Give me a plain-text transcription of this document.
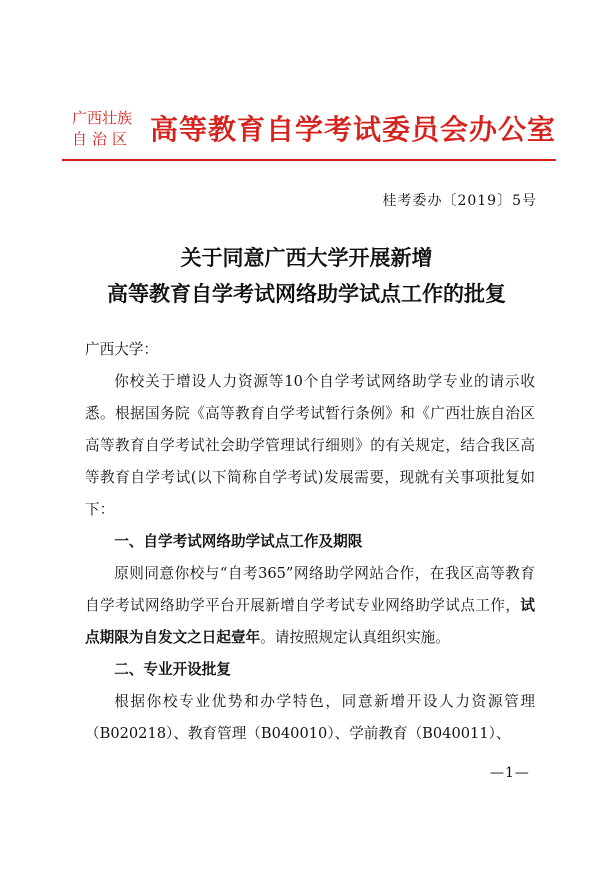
广西壮族
自治区 高等教育自学考试委员会办公室
桂考委办〔2019〕5号
关于同意广西大学开展新增
高等教育自学考试网络助学试点工作的批复

广西大学：

你校关于增设人力资源等10个自学考试网络助学专业的请示收悉。根据国务院《高等教育自学考试暂行条例》和《广西壮族自治区高等教育自学考试社会助学管理试行细则》的有关规定，结合我区高等教育自学考试(以下简称自学考试)发展需要，现就有关事项批复如下：

一、自学考试网络助学试点工作及期限

原则同意你校与“自考365”网络助学网站合作，在我区高等教育自学考试网络助学平台开展新增自学考试专业网络助学试点工作，试点期限为自发文之日起壹年。请按照规定认真组织实施。

二、专业开设批复

根据你校专业优势和办学特色，同意新增开设人力资源管理（B020218）、教育管理（B040010）、学前教育（B040011）、

—1—
